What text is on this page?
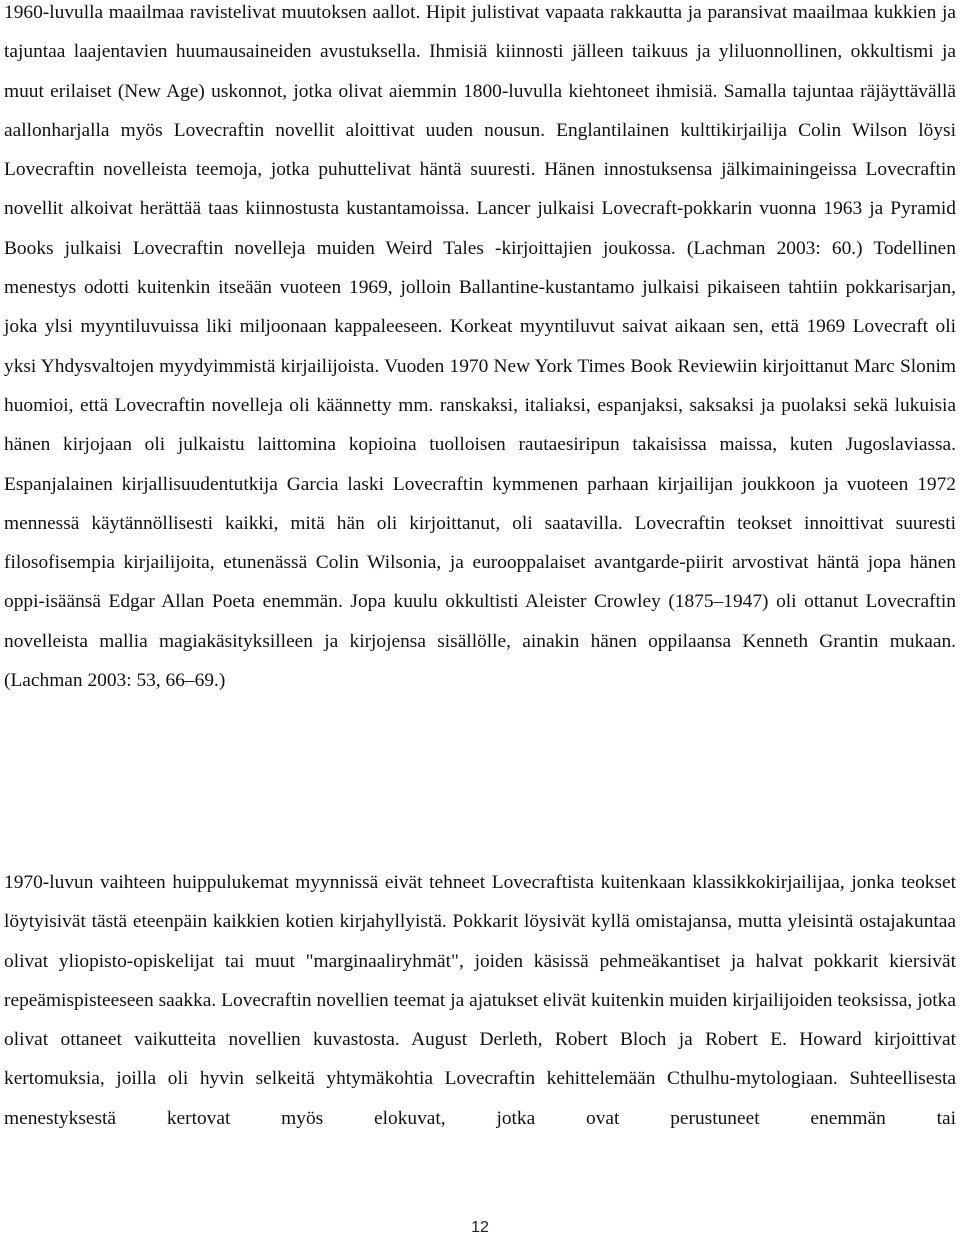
1960-luvulla maailmaa ravistelivat muutoksen aallot. Hipit julistivat vapaata rakkautta ja paransivat maailmaa kukkien ja tajuntaa laajentavien huumausaineiden avustuksella. Ihmisiä kiinnosti jälleen taikuus ja yliluonnollinen, okkultismi ja muut erilaiset (New Age) uskonnot, jotka olivat aiemmin 1800-luvulla kiehtoneet ihmisiä. Samalla tajuntaa räjäyttävällä aallonharjalla myös Lovecraftin novellit aloittivat uuden nousun. Englantilainen kulttikirjailija Colin Wilson löysi Lovecraftin novelleista teemoja, jotka puhuttelivat häntä suuresti. Hänen innostuksensa jälkimainingeissa Lovecraftin novellit alkoivat herättää taas kiinnostusta kustantamoissa. Lancer julkaisi Lovecraft-pokkarin vuonna 1963 ja Pyramid Books julkaisi Lovecraftin novelleja muiden Weird Tales -kirjoittajien joukossa. (Lachman 2003: 60.) Todellinen menestys odotti kuitenkin itseään vuoteen 1969, jolloin Ballantine-kustantamo julkaisi pikaiseen tahtiin pokkarisarjan, joka ylsi myyntiluvuissa liki miljoonaan kappaleeseen. Korkeat myyntiluvut saivat aikaan sen, että 1969 Lovecraft oli yksi Yhdysvaltojen myydyimmistä kirjailijoista. Vuoden 1970 New York Times Book Reviewiin kirjoittanut Marc Slonim huomioi, että Lovecraftin novelleja oli käännetty mm. ranskaksi, italiaksi, espanjaksi, saksaksi ja puolaksi sekä lukuisia hänen kirjojaan oli julkaistu laittomina kopioina tuolloisen rautaesiripun takaisissa maissa, kuten Jugoslaviassa. Espanjalainen kirjallisuudentutkija Garcia laski Lovecraftin kymmenen parhaan kirjailijan joukkoon ja vuoteen 1972 mennessä käytännöllisesti kaikki, mitä hän oli kirjoittanut, oli saatavilla. Lovecraftin teokset innoittivat suuresti filosofisempia kirjailijoita, etunenässä Colin Wilsonia, ja eurooppalaiset avantgarde-piirit arvostivat häntä jopa hänen oppi-isäänsä Edgar Allan Poeta enemmän. Jopa kuulu okkultisti Aleister Crowley (1875–1947) oli ottanut Lovecraftin novelleista mallia magiakäsityksilleen ja kirjojensa sisällölle, ainakin hänen oppilaansa Kenneth Grantin mukaan. (Lachman 2003: 53, 66–69.)

1970-luvun vaihteen huippulukemat myynnissä eivät tehneet Lovecraftista kuitenkaan klassikkokirjailijaa, jonka teokset löytyisivät tästä eteenpäin kaikkien kotien kirjahyllyistä. Pokkarit löysivät kyllä omistajansa, mutta yleisintä ostajakuntaa olivat yliopisto-opiskelijat tai muut "marginaaliryhmät", joiden käsissä pehmeäkantiset ja halvat pokkarit kiersivät repeämispisteeseen saakka. Lovecraftin novellien teemat ja ajatukset elivät kuitenkin muiden kirjailijoiden teoksissa, jotka olivat ottaneet vaikutteita novellien kuvastosta. August Derleth, Robert Bloch ja Robert E. Howard kirjoittivat kertomuksia, joilla oli hyvin selkeitä yhtymäkohtia Lovecraftin kehittelemään Cthulhu-mytologiaan. Suhteellisesta menestyksestä kertovat myös elokuvat, jotka ovat perustuneet enemmän tai

12
